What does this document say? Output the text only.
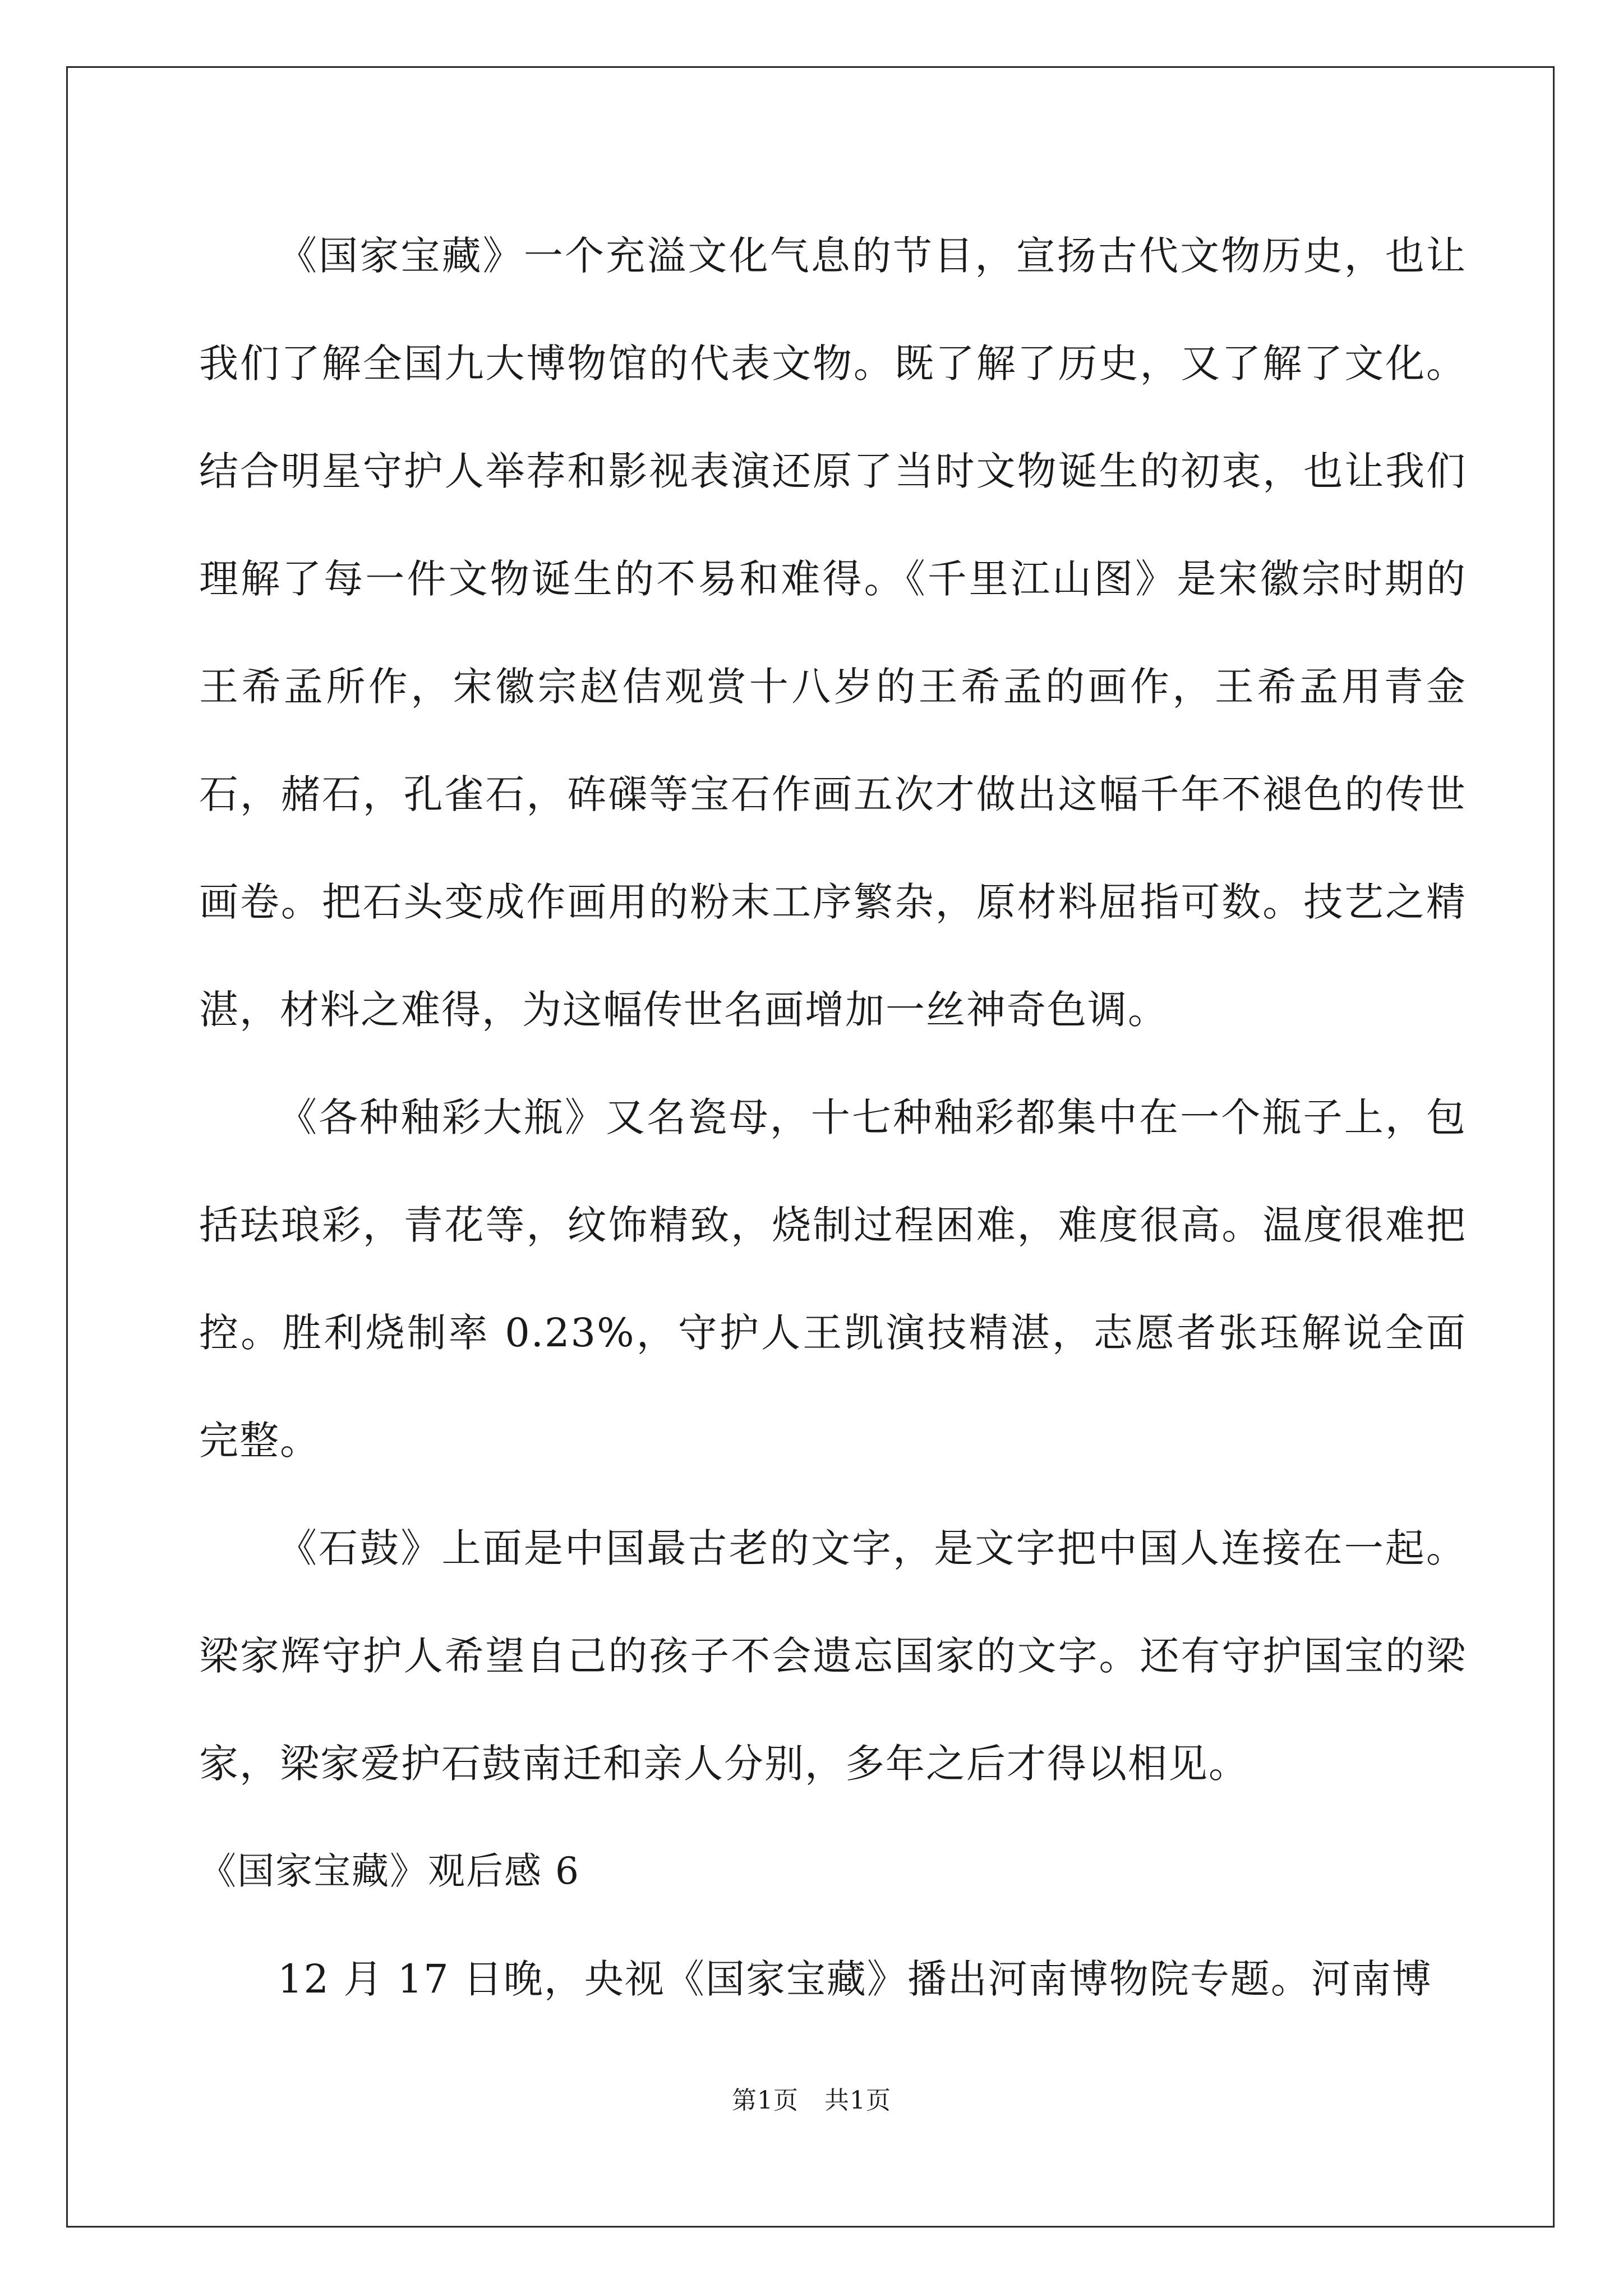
《国家宝藏》一个充溢文化气息的节目，宣扬古代文物历史，也让我们了解全国九大博物馆的代表文物。既了解了历史，又了解了文化。结合明星守护人举荐和影视表演还原了当时文物诞生的初衷，也让我们理解了每一件文物诞生的不易和难得。《千里江山图》是宋徽宗时期的王希孟所作，宋徽宗赵佶观赏十八岁的王希孟的画作，王希孟用青金石，赭石，孔雀石，砗磲等宝石作画五次才做出这幅千年不褪色的传世画卷。把石头变成作画用的粉末工序繁杂，原材料屈指可数。技艺之精湛，材料之难得，为这幅传世名画增加一丝神奇色调。

《各种釉彩大瓶》又名瓷母，十七种釉彩都集中在一个瓶子上，包括珐琅彩，青花等，纹饰精致，烧制过程困难，难度很高。温度很难把控。胜利烧制率 0.23%，守护人王凯演技精湛，志愿者张珏解说全面完整。

《石鼓》上面是中国最古老的文字，是文字把中国人连接在一起。梁家辉守护人希望自己的孩子不会遗忘国家的文字。还有守护国宝的梁家，梁家爱护石鼓南迁和亲人分别，多年之后才得以相见。

《国家宝藏》观后感 6

12 月 17 日晚，央视《国家宝藏》播出河南博物院专题。河南博

第1页 共1页
